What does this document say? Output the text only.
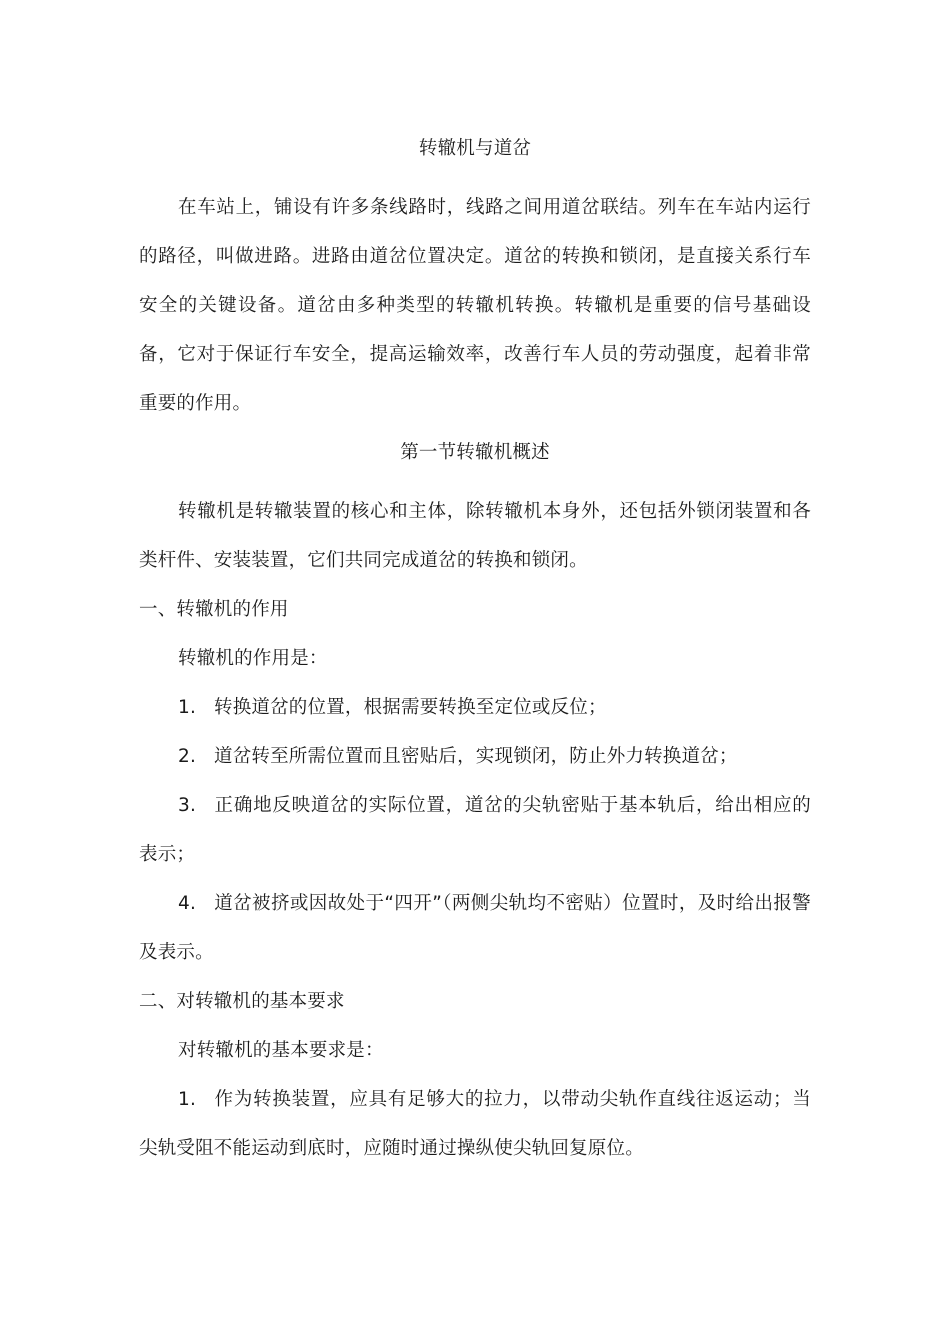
转辙机与道岔

在车站上，铺设有许多条线路时，线路之间用道岔联结。列车在车站内运行的路径，叫做进路。进路由道岔位置决定。道岔的转换和锁闭，是直接关系行车安全的关键设备。道岔由多种类型的转辙机转换。转辙机是重要的信号基础设备，它对于保证行车安全，提高运输效率，改善行车人员的劳动强度，起着非常重要的作用。

第一节转辙机概述

转辙机是转辙装置的核心和主体，除转辙机本身外，还包括外锁闭装置和各类杆件、安装装置，它们共同完成道岔的转换和锁闭。

一、转辙机的作用

转辙机的作用是：

1. 转换道岔的位置，根据需要转换至定位或反位；

2. 道岔转至所需位置而且密贴后，实现锁闭，防止外力转换道岔；

3. 正确地反映道岔的实际位置，道岔的尖轨密贴于基本轨后，给出相应的表示；

4. 道岔被挤或因故处于“四开”（两侧尖轨均不密贴）位置时，及时给出报警及表示。

二、对转辙机的基本要求

对转辙机的基本要求是：

1. 作为转换装置，应具有足够大的拉力，以带动尖轨作直线往返运动；当尖轨受阻不能运动到底时，应随时通过操纵使尖轨回复原位。
